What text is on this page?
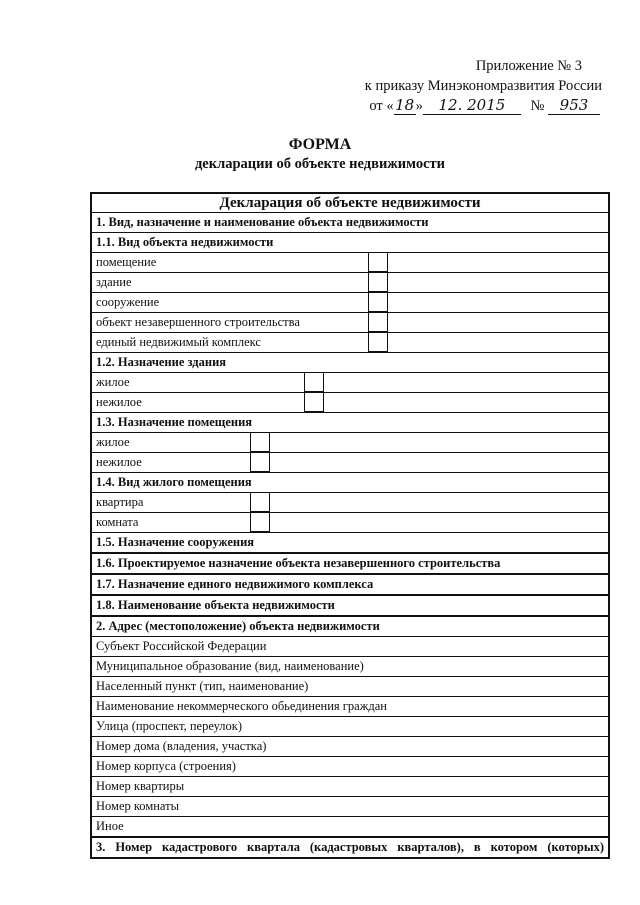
Приложение № 3
к приказу Минэкономразвития России
от «18» 12. 2015 № 953
ФОРМА
декларации об объекте недвижимости
Декларация об объекте недвижимости
1. Вид, назначение и наименование объекта недвижимости
1.1. Вид объекта недвижимости
помещение

здание

сооружение

объект незавершенного строительства

единый недвижимый комплекс

1.2. Назначение здания
жилое

нежилое

1.3. Назначение помещения
жилое

нежилое

1.4. Вид жилого помещения
квартира

комната

1.5. Назначение сооружения
1.6. Проектируемое назначение объекта незавершенного строительства
1.7. Назначение единого недвижимого комплекса
1.8. Наименование объекта недвижимости
2. Адрес (местоположение) объекта недвижимости
Субъект Российской Федерации
Муниципальное образование (вид, наименование)
Населенный пункт (тип, наименование)
Наименование некоммерческого обьединения граждан
Улица (проспект, переулок)
Номер дома (владения, участка)
Номер корпуса (строения)
Номер квартиры
Номер комнаты
Иное
3. Номер кадастрового квартала (кадастровых кварталов), в котором (которых)
